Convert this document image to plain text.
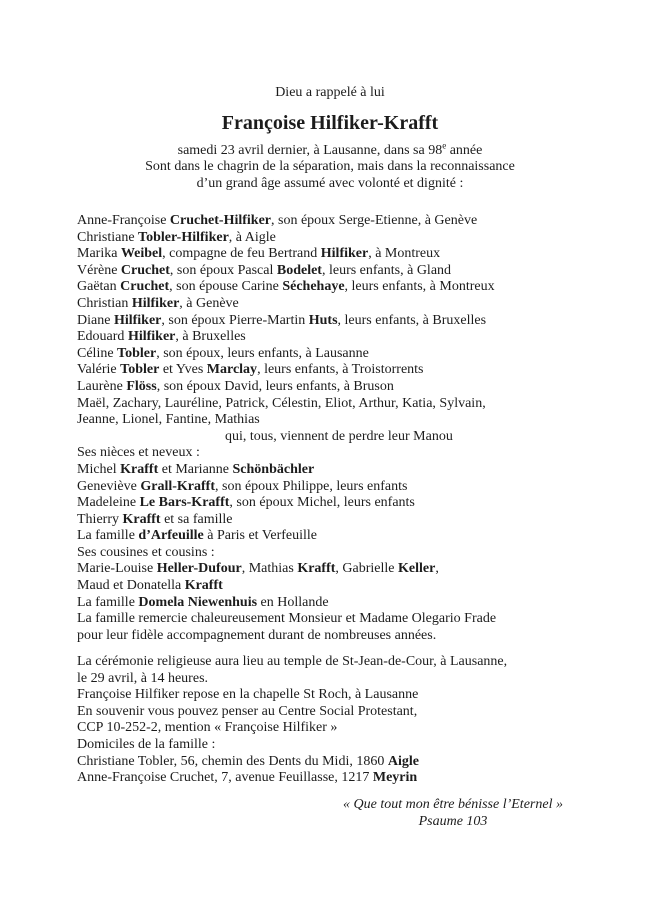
Dieu a rappelé à lui
Françoise Hilfiker-Krafft
samedi 23 avril dernier, à Lausanne, dans sa 98e année
Sont dans le chagrin de la séparation, mais dans la reconnaissance
d’un grand âge assumé avec volonté et dignité :
Anne-Françoise Cruchet-Hilfiker, son époux Serge-Etienne, à Genève
Christiane Tobler-Hilfiker, à Aigle
Marika Weibel, compagne de feu Bertrand Hilfiker, à Montreux
Vérène Cruchet, son époux Pascal Bodelet, leurs enfants, à Gland
Gaëtan Cruchet, son épouse Carine Séchehaye, leurs enfants, à Montreux
Christian Hilfiker, à Genève
Diane Hilfiker, son époux Pierre-Martin Huts, leurs enfants, à Bruxelles
Edouard Hilfiker, à Bruxelles
Céline Tobler, son époux, leurs enfants, à Lausanne
Valérie Tobler et Yves Marclay, leurs enfants, à Troistorrents
Laurène Flöss, son époux David, leurs enfants, à Bruson
Maël, Zachary, Lauréline, Patrick, Célestin, Eliot, Arthur, Katia, Sylvain,
Jeanne, Lionel, Fantine, Mathias
qui, tous, viennent de perdre leur Manou
Ses nièces et neveux :
Michel Krafft et Marianne Schönbächler
Geneviève Grall-Krafft, son époux Philippe, leurs enfants
Madeleine Le Bars-Krafft, son époux Michel, leurs enfants
Thierry Krafft et sa famille
La famille d’Arfeuille à Paris et Verfeuille
Ses cousines et cousins :
Marie-Louise Heller-Dufour, Mathias Krafft, Gabrielle Keller,
Maud et Donatella Krafft
La famille Domela Niewenhuis en Hollande
La famille remercie chaleureusement Monsieur et Madame Olegario Frade
pour leur fidèle accompagnement durant de nombreuses années.
La cérémonie religieuse aura lieu au temple de St-Jean-de-Cour, à Lausanne,
le 29 avril, à 14 heures.
Françoise Hilfiker repose en la chapelle St Roch, à Lausanne
En souvenir vous pouvez penser au Centre Social Protestant,
CCP 10-252-2, mention « Françoise Hilfiker »
Domiciles de la famille :
Christiane Tobler, 56, chemin des Dents du Midi, 1860 Aigle
Anne-Françoise Cruchet, 7, avenue Feuillasse, 1217 Meyrin
« Que tout mon être bénisse l’Eternel »
Psaume 103
